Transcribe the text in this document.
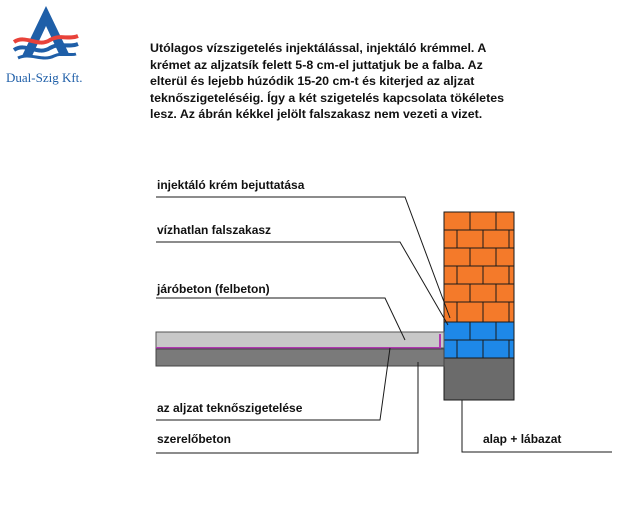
Dual-Szig Kft.
Utólagos vízszigetelés injektálással, injektáló krémmel. A krémet az aljzatsík felett 5-8 cm-el juttatjuk be a falba. Az elterül és lejebb húzódik 15-20 cm-t és kiterjed az aljzat teknőszigeteléséig. Így a két szigetelés kapcsolata tökéletes lesz. Az ábrán kékkel jelölt falszakasz nem vezeti a vizet.
injektáló krém bejuttatása
vízhatlan falszakasz
járóbeton (felbeton)
az aljzat teknőszigetelése
szerelőbeton	alap + lábazat
